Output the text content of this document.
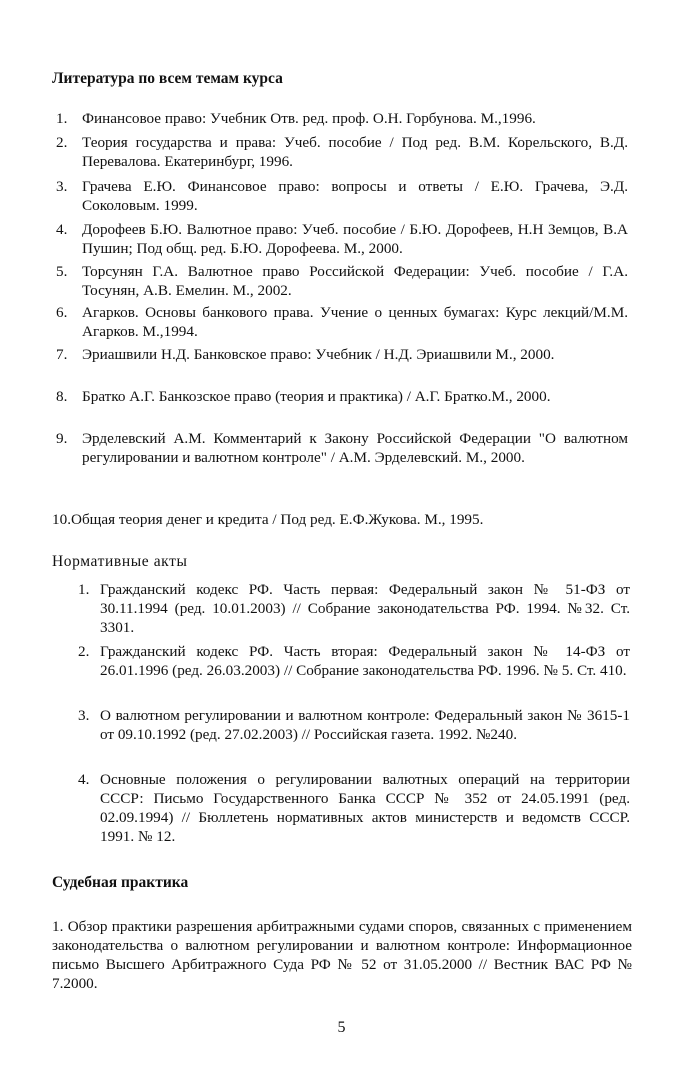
Литература по всем темам курса
1. Финансовое право: Учебник Отв. ред. проф. О.Н. Горбунова. М.,1996.
2. Теория государства и права: Учеб. пособие / Под ред. В.М. Корельского, В.Д. Перевалова. Екатеринбург, 1996.
3. Грачева Е.Ю. Финансовое право: вопросы и ответы / Е.Ю. Грачева, Э.Д. Соколовым. 1999.
4. Дорофеев Б.Ю. Валютное право: Учеб. пособие / Б.Ю. Дорофеев, Н.Н Земцов, В.А Пушин; Под общ. ред. Б.Ю. Дорофеева. М., 2000.
5. Торсунян Г.А. Валютное право Российской Федерации: Учеб. пособие / Г.А. Тосунян, А.В. Емелин. М., 2002.
6. Агарков. Основы банкового права. Учение о ценных бумагах: Курс лекций/М.М. Агарков. М.,1994.
7. Эриашвили Н.Д. Банковское право: Учебник / Н.Д. Эриашвили М., 2000.
8. Братко А.Г. Банкозское право (теория и практика) / А.Г. Братко.М., 2000.
9. Эрделевский А.М. Комментарий к Закону Российской Федерации "О валютном регулировании и валютном контроле" / А.М. Эрделевский. М., 2000.
10.Общая теория денег и кредита / Под ред. Е.Ф.Жукова. М., 1995.
Нормативные акты
1. Гражданский кодекс РФ. Часть первая: Федеральный закон № 51-ФЗ от 30.11.1994 (ред. 10.01.2003) // Собрание законодательства РФ. 1994. №32. Ст. 3301.
2. Гражданский кодекс РФ. Часть вторая: Федеральный закон № 14-ФЗ от 26.01.1996 (ред. 26.03.2003) // Собрание законодательства РФ. 1996. № 5. Ст. 410.
3. О валютном регулировании и валютном контроле: Федеральный закон № 3615-1 от 09.10.1992 (ред. 27.02.2003) // Российская газета. 1992. №240.
4. Основные положения о регулировании валютных операций на территории СССР: Письмо Государственного Банка СССР № 352 от 24.05.1991 (ред. 02.09.1994) // Бюллетень нормативных актов министерств и ведомств СССР. 1991. № 12.
Судебная практика
1. Обзор практики разрешения арбитражными судами споров, связанных с применением законодательства о валютном регулировании и валютном контроле: Информационное письмо Высшего Арбитражного Суда РФ № 52 от 31.05.2000 // Вестник ВАС РФ № 7.2000.
5
